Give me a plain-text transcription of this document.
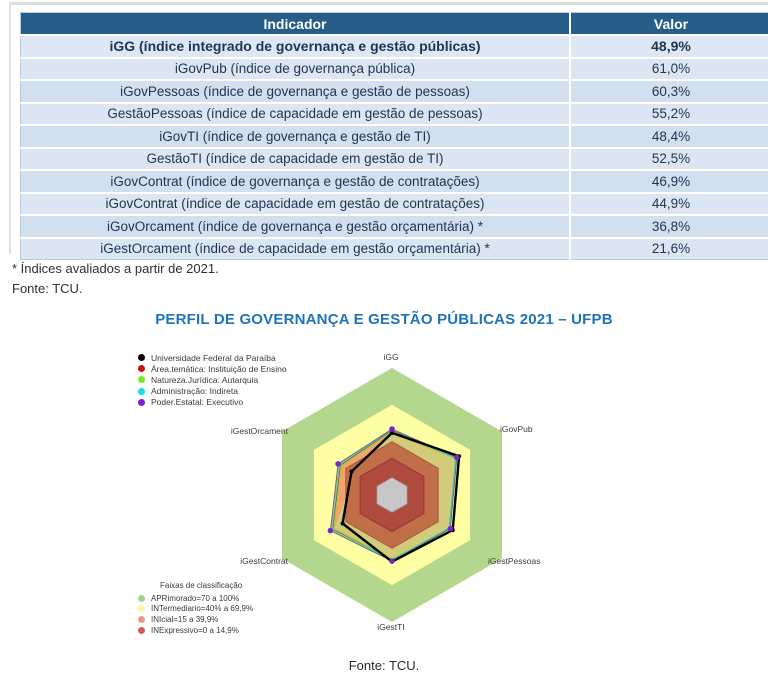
Indicador	Valor
iGG (índice integrado de governança e gestão públicas)	48,9%
iGovPub (índice de governança pública)	61,0%
iGovPessoas (índice de governança e gestão de pessoas)	60,3%
GestãoPessoas (índice de capacidade em gestão de pessoas)	55,2%
iGovTI (índice de governança e gestão de TI)	48,4%
GestãoTI (índice de capacidade em gestão de TI)	52,5%
iGovContrat (índice de governança e gestão de contratações)	46,9%
iGovContrat (índice de capacidade em gestão de contratações)	44,9%
iGovOrcament (índice de governança e gestão orçamentária) *	36,8%
iGestOrcament (índice de capacidade em gestão orçamentária) *	21,6%
* Índices avaliados a partir de 2021.
Fonte: TCU.
PERFIL DE GOVERNANÇA E GESTÃO PÚBLICAS 2021 – UFPB
Universidade Federal da Paraíba
Área.temática: Instituição de Ensino
Natureza.Jurídica: Autarquia
Administração: Indireta
Poder.Estatal: Executivo
iGG
iGovPub
iGestPessoas
iGestTI
iGestContrat
iGestOrcament
Faixas de classificação
APRimorado=70 a 100%
INTermediario=40% a 69,9%
INIcial=15 a 39,9%
INExpressivo=0 a 14,9%
Fonte: TCU.
